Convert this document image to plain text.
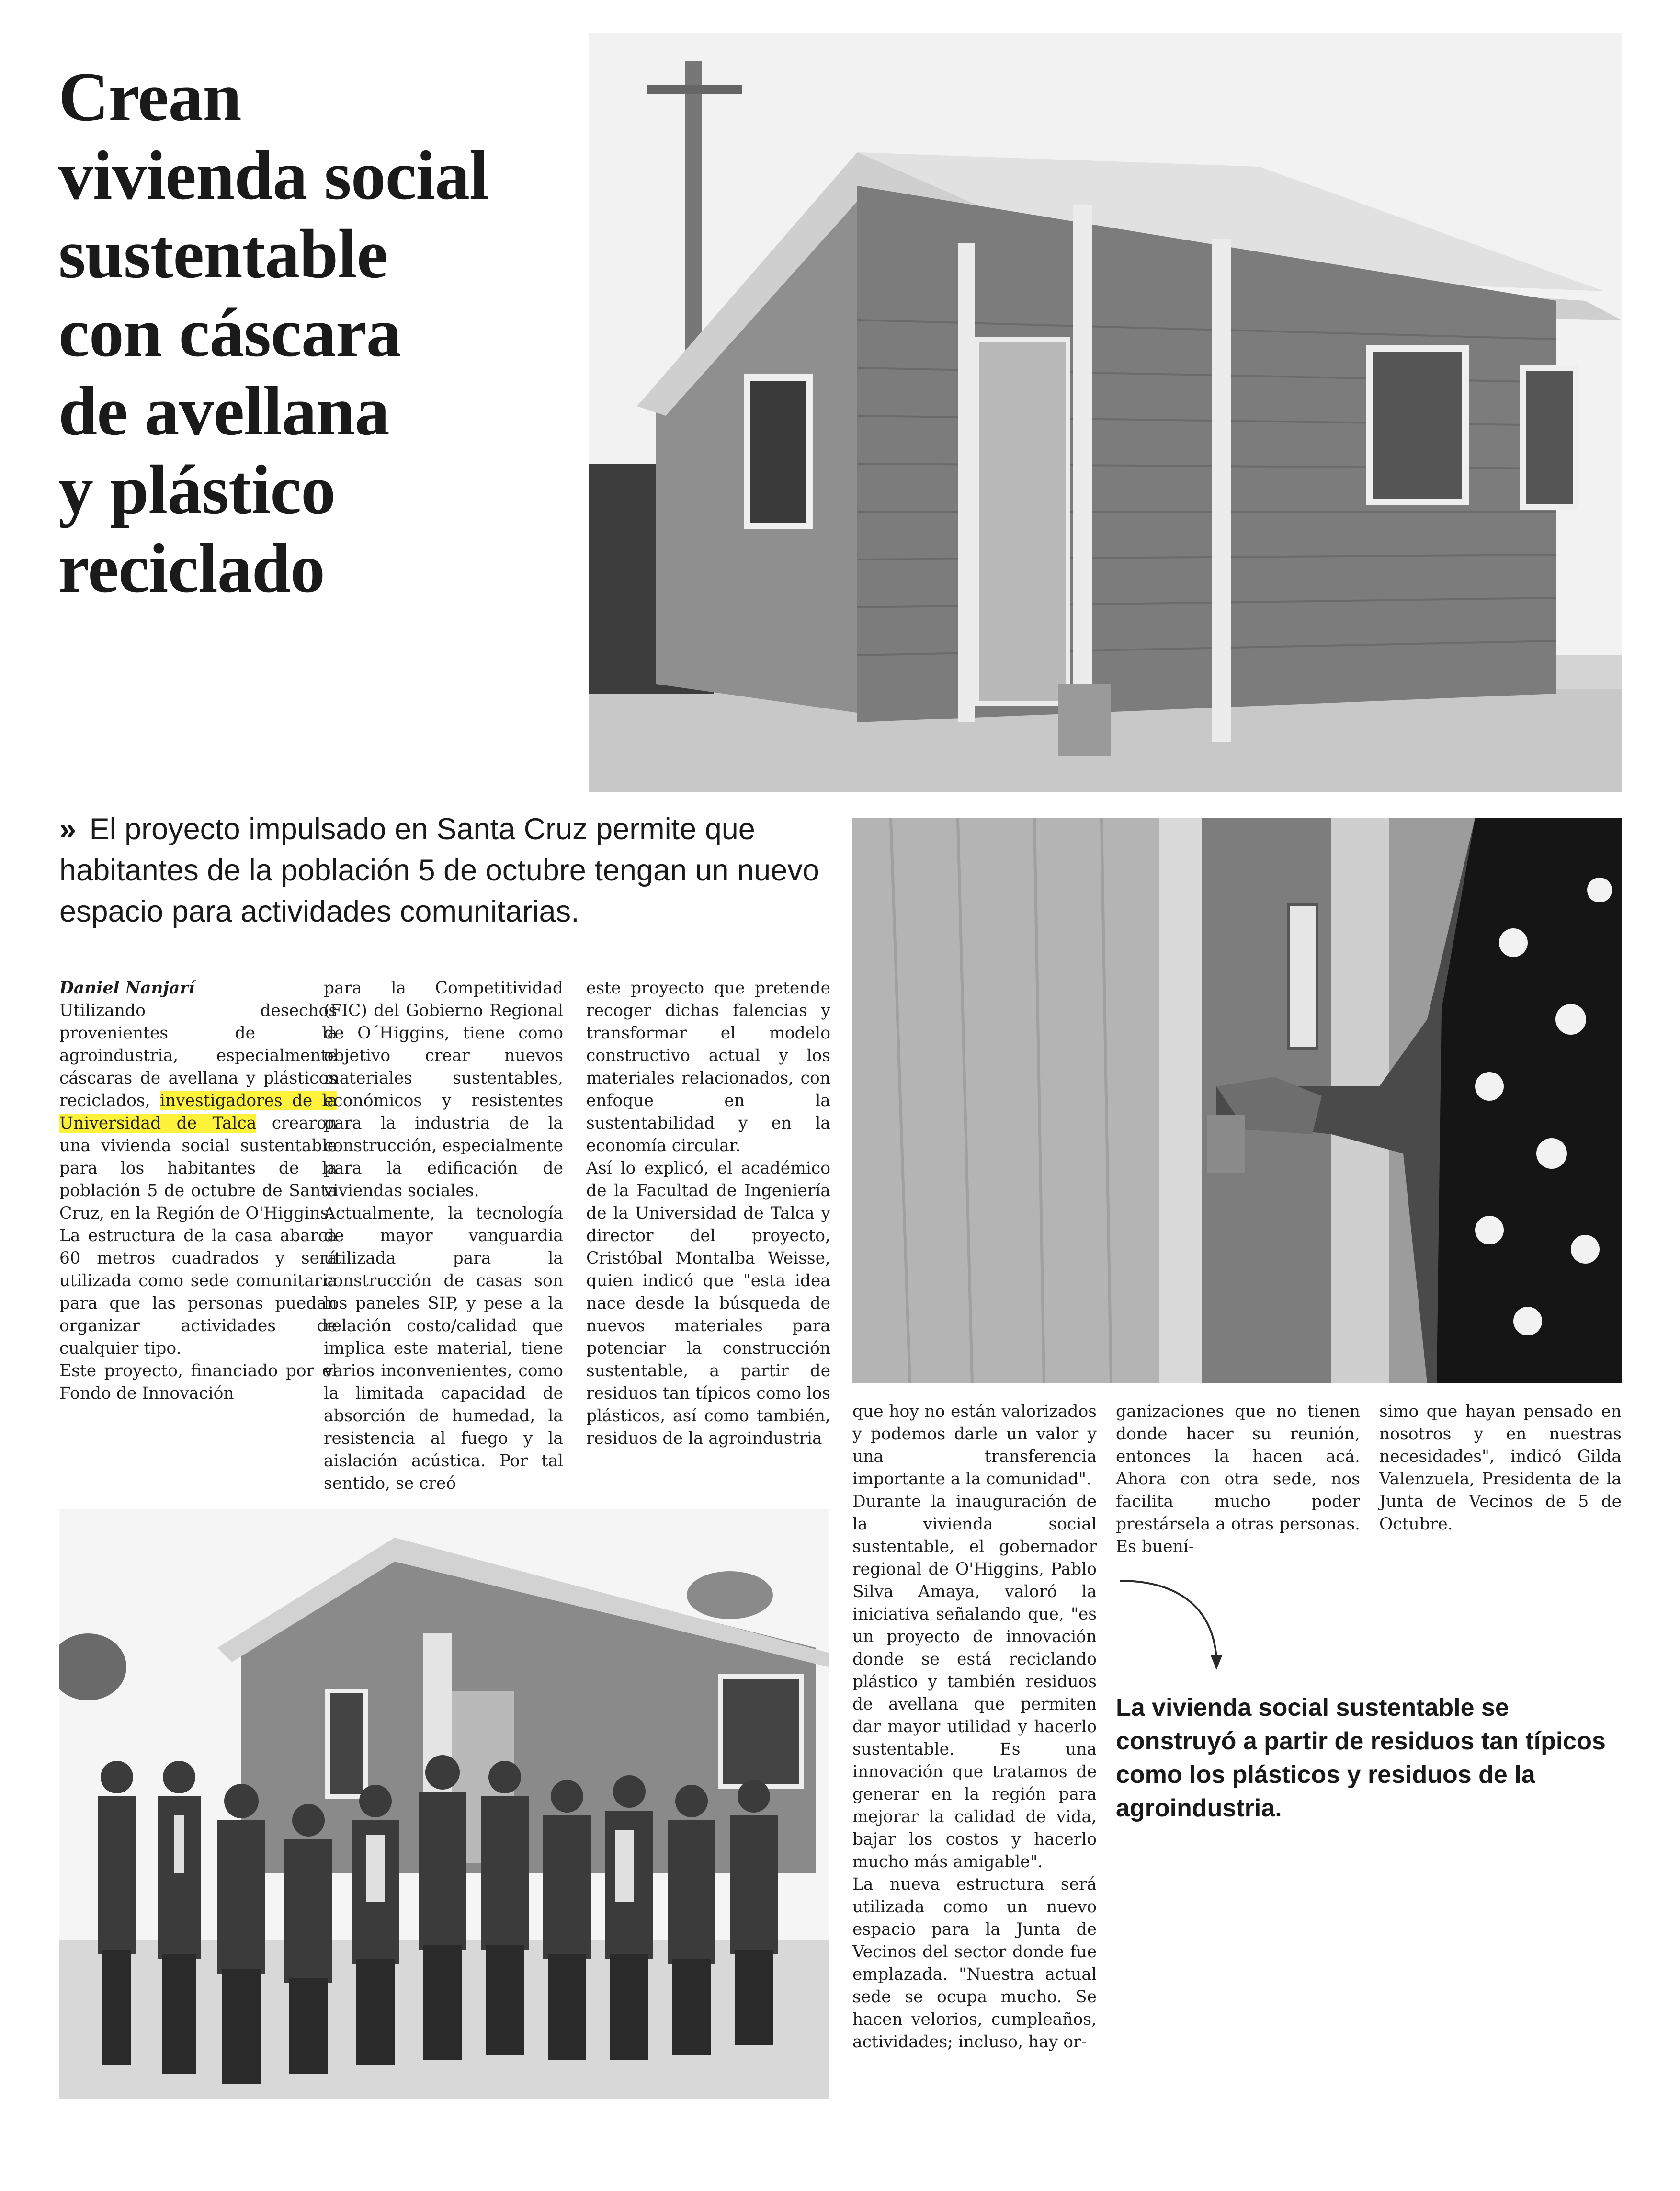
Crean
vivienda social
sustentable
con cáscara
de avellana
y plástico
reciclado
» El proyecto impulsado en Santa Cruz permite que habitantes de la población 5 de octubre tengan un nuevo espacio para actividades comunitarias.

Daniel Nanjarí

Utilizando desechos provenientes de la agroindustria, especialmente cáscaras de avellana y plásticos reciclados, investigadores de la Universidad de Talca crearon una vivienda social sustentable para los habitantes de la población 5 de octubre de Santa Cruz, en la Región de O'Higgins.

La estructura de la casa abarca 60 metros cuadrados y será utilizada como sede comunitaria para que las personas puedan organizar actividades de cualquier tipo.

Este proyecto, financiado por el Fondo de Innovación

para la Competitividad (FIC) del Gobierno Regional de O´Higgins, tiene como objetivo crear nuevos materiales sustentables, económicos y resistentes para la industria de la construcción, especialmente para la edificación de viviendas sociales.

Actualmente, la tecnología de mayor vanguardia utilizada para la construcción de casas son los paneles SIP, y pese a la relación costo/calidad que implica este material, tiene varios inconvenientes, como la limitada capacidad de absorción de humedad, la resistencia al fuego y la aislación acústica. Por tal sentido, se creó

este proyecto que pretende recoger dichas falencias y transformar el modelo constructivo actual y los materiales relacionados, con enfoque en la sustentabilidad y en la economía circular.

Así lo explicó, el académico de la Facultad de Ingeniería de la Universidad de Talca y director del proyecto, Cristóbal Montalba Weisse, quien indicó que "esta idea nace desde la búsqueda de nuevos materiales para potenciar la construcción sustentable, a partir de residuos tan típicos como los plásticos, así como también, residuos de la agroindustria

que hoy no están valorizados y podemos darle un valor y una transferencia importante a la comunidad".

Durante la inauguración de la vivienda social sustentable, el gobernador regional de O'Higgins, Pablo Silva Amaya, valoró la iniciativa señalando que, "es un proyecto de innovación donde se está reciclando plástico y también residuos de avellana que permiten dar mayor utilidad y hacerlo sustentable. Es una innovación que tratamos de generar en la región para mejorar la calidad de vida, bajar los costos y hacerlo mucho más amigable".

La nueva estructura será utilizada como un nuevo espacio para la Junta de Vecinos del sector donde fue emplazada. "Nuestra actual sede se ocupa mucho. Se hacen velorios, cumpleaños, actividades; incluso, hay or-

ganizaciones que no tienen donde hacer su reunión, entonces la hacen acá. Ahora con otra sede, nos facilita mucho poder prestársela a otras personas. Es buení-

simo que hayan pensado en nosotros y en nuestras necesidades", indicó Gilda Valenzuela, Presidenta de la Junta de Vecinos de 5 de Octubre.

La vivienda social sustentable se construyó a partir de residuos tan típicos como los plásticos y residuos de la agroindustria.
